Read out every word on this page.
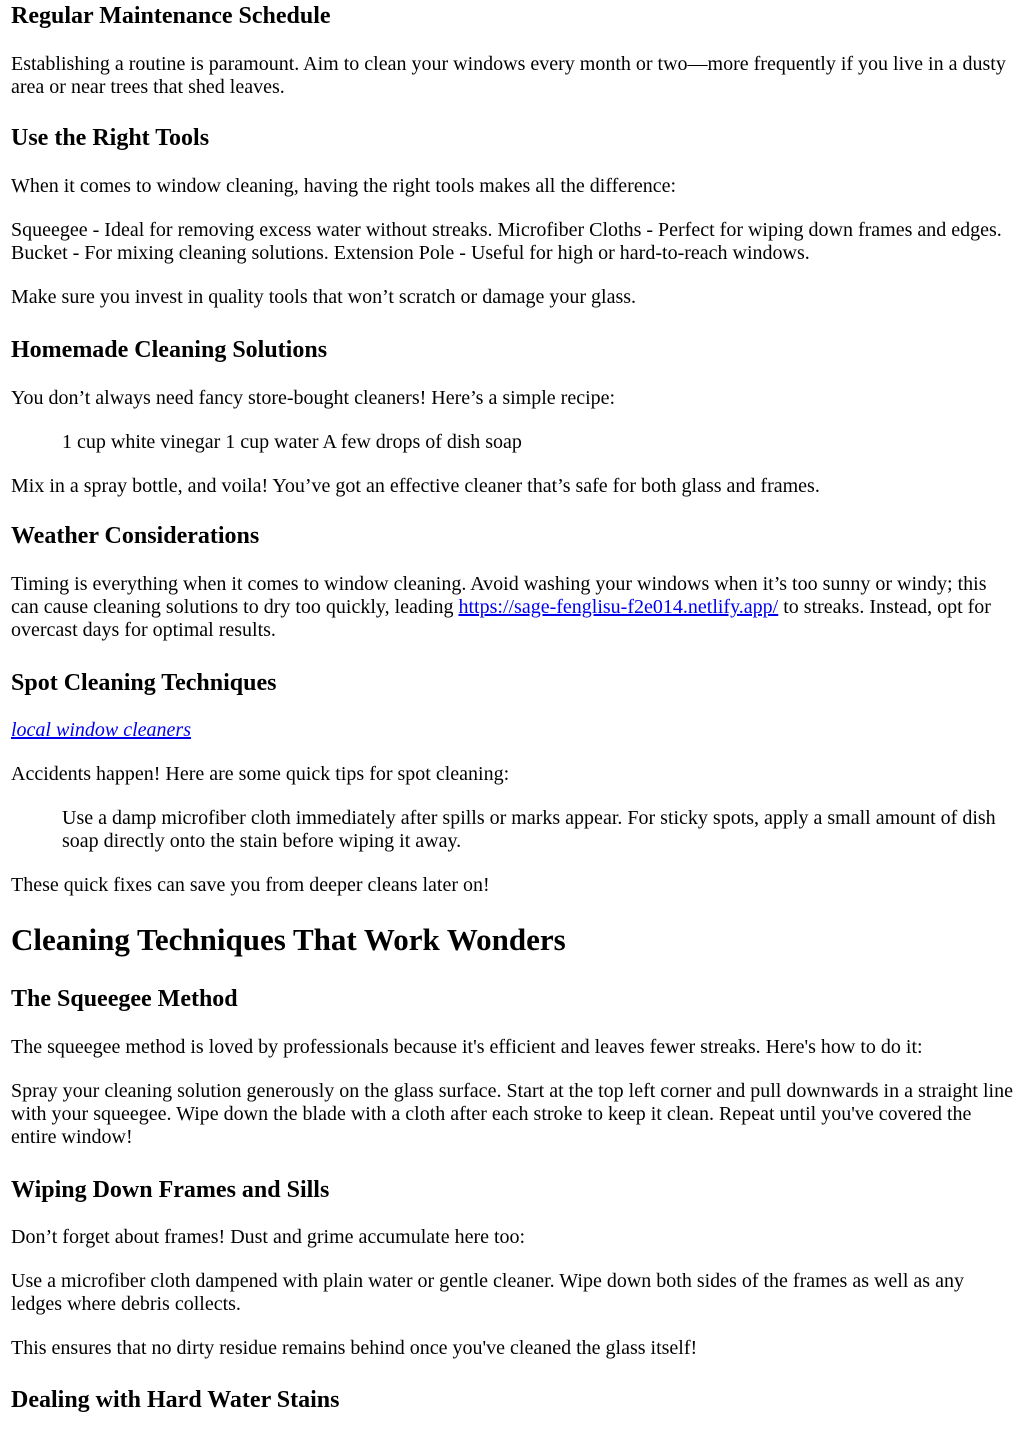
Regular Maintenance Schedule

Establishing a routine is paramount. Aim to clean your windows every month or two—more frequently if you live in a dusty area or near trees that shed leaves.

Use the Right Tools

When it comes to window cleaning, having the right tools makes all the difference:

Squeegee - Ideal for removing excess water without streaks. Microfiber Cloths - Perfect for wiping down frames and edges. Bucket - For mixing cleaning solutions. Extension Pole - Useful for high or hard-to-reach windows.

Make sure you invest in quality tools that won’t scratch or damage your glass.

Homemade Cleaning Solutions

You don’t always need fancy store-bought cleaners! Here’s a simple recipe:

1 cup white vinegar 1 cup water A few drops of dish soap

Mix in a spray bottle, and voila! You’ve got an effective cleaner that’s safe for both glass and frames.

Weather Considerations

Timing is everything when it comes to window cleaning. Avoid washing your windows when it’s too sunny or windy; this can cause cleaning solutions to dry too quickly, leading https://sage-fenglisu-f2e014.netlify.app/ to streaks. Instead, opt for overcast days for optimal results.

Spot Cleaning Techniques

local window cleaners

Accidents happen! Here are some quick tips for spot cleaning:

Use a damp microfiber cloth immediately after spills or marks appear. For sticky spots, apply a small amount of dish soap directly onto the stain before wiping it away.

These quick fixes can save you from deeper cleans later on!

Cleaning Techniques That Work Wonders
The Squeegee Method

The squeegee method is loved by professionals because it's efficient and leaves fewer streaks. Here's how to do it:

Spray your cleaning solution generously on the glass surface. Start at the top left corner and pull downwards in a straight line with your squeegee. Wipe down the blade with a cloth after each stroke to keep it clean. Repeat until you've covered the entire window!

Wiping Down Frames and Sills

Don’t forget about frames! Dust and grime accumulate here too:

Use a microfiber cloth dampened with plain water or gentle cleaner. Wipe down both sides of the frames as well as any ledges where debris collects.

This ensures that no dirty residue remains behind once you've cleaned the glass itself!

Dealing with Hard Water Stains
